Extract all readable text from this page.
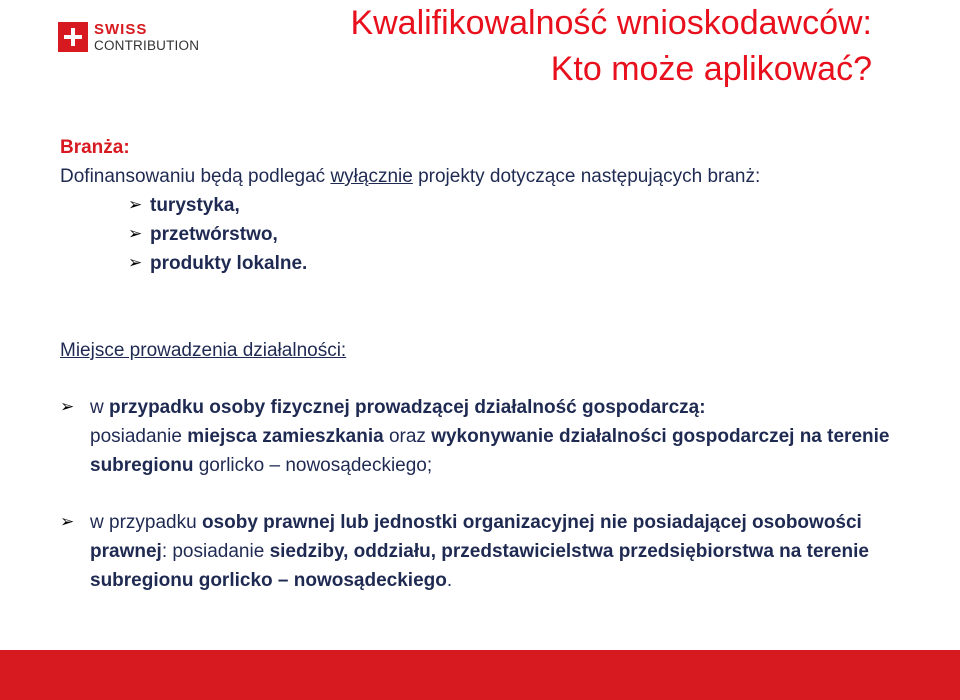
SWISS
CONTRIBUTION
Kwalifikowalność wnioskodawców:
Kto może aplikować?
Branża:
Dofinansowaniu będą podlegać wyłącznie projekty dotyczące następujących branż:
➢ turystyka,
➢ przetwórstwo,
➢ produkty lokalne.
Miejsce prowadzenia działalności:
➢ w przypadku osoby fizycznej prowadzącej działalność gospodarczą:
posiadanie miejsca zamieszkania oraz wykonywanie działalności gospodarczej na terenie subregionu gorlicko – nowosądeckiego;
➢ w przypadku osoby prawnej lub jednostki organizacyjnej nie posiadającej osobowości prawnej: posiadanie siedziby, oddziału, przedstawicielstwa przedsiębiorstwa na terenie subregionu gorlicko – nowosądeckiego.
